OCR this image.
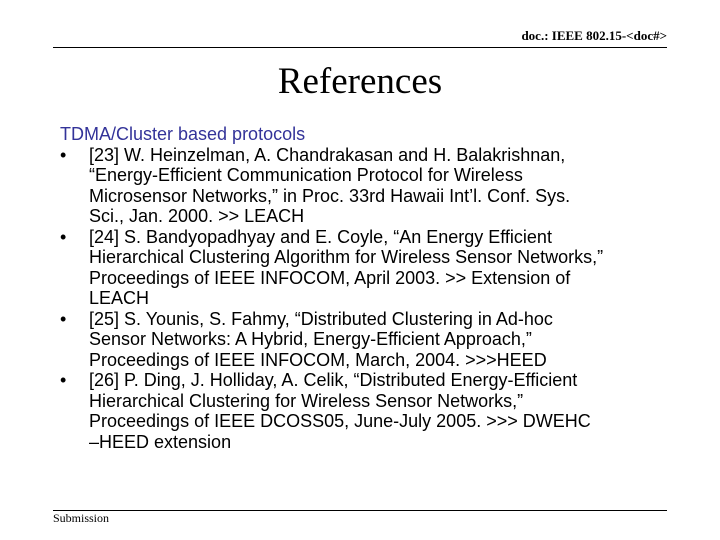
doc.: IEEE 802.15-<doc#>
References

TDMA/Cluster based protocols

• [23] W. Heinzelman, A. Chandrakasan and H. Balakrishnan,
“Energy-Efficient Communication Protocol for Wireless
Microsensor Networks,” in Proc. 33rd Hawaii Int’l. Conf. Sys.
Sci., Jan. 2000. >> LEACH
• [24] S. Bandyopadhyay and E. Coyle, “An Energy Efficient
Hierarchical Clustering Algorithm for Wireless Sensor Networks,”
Proceedings of IEEE INFOCOM, April 2003. >> Extension of
LEACH
• [25] S. Younis, S. Fahmy, “Distributed Clustering in Ad-hoc
Sensor Networks: A Hybrid, Energy-Efficient Approach,”
Proceedings of IEEE INFOCOM, March, 2004. >>>HEED
• [26] P. Ding, J. Holliday, A. Celik, “Distributed Energy-Efficient
Hierarchical Clustering for Wireless Sensor Networks,”
Proceedings of IEEE DCOSS05, June-July 2005. >>> DWEHC
–HEED extension
Submission
